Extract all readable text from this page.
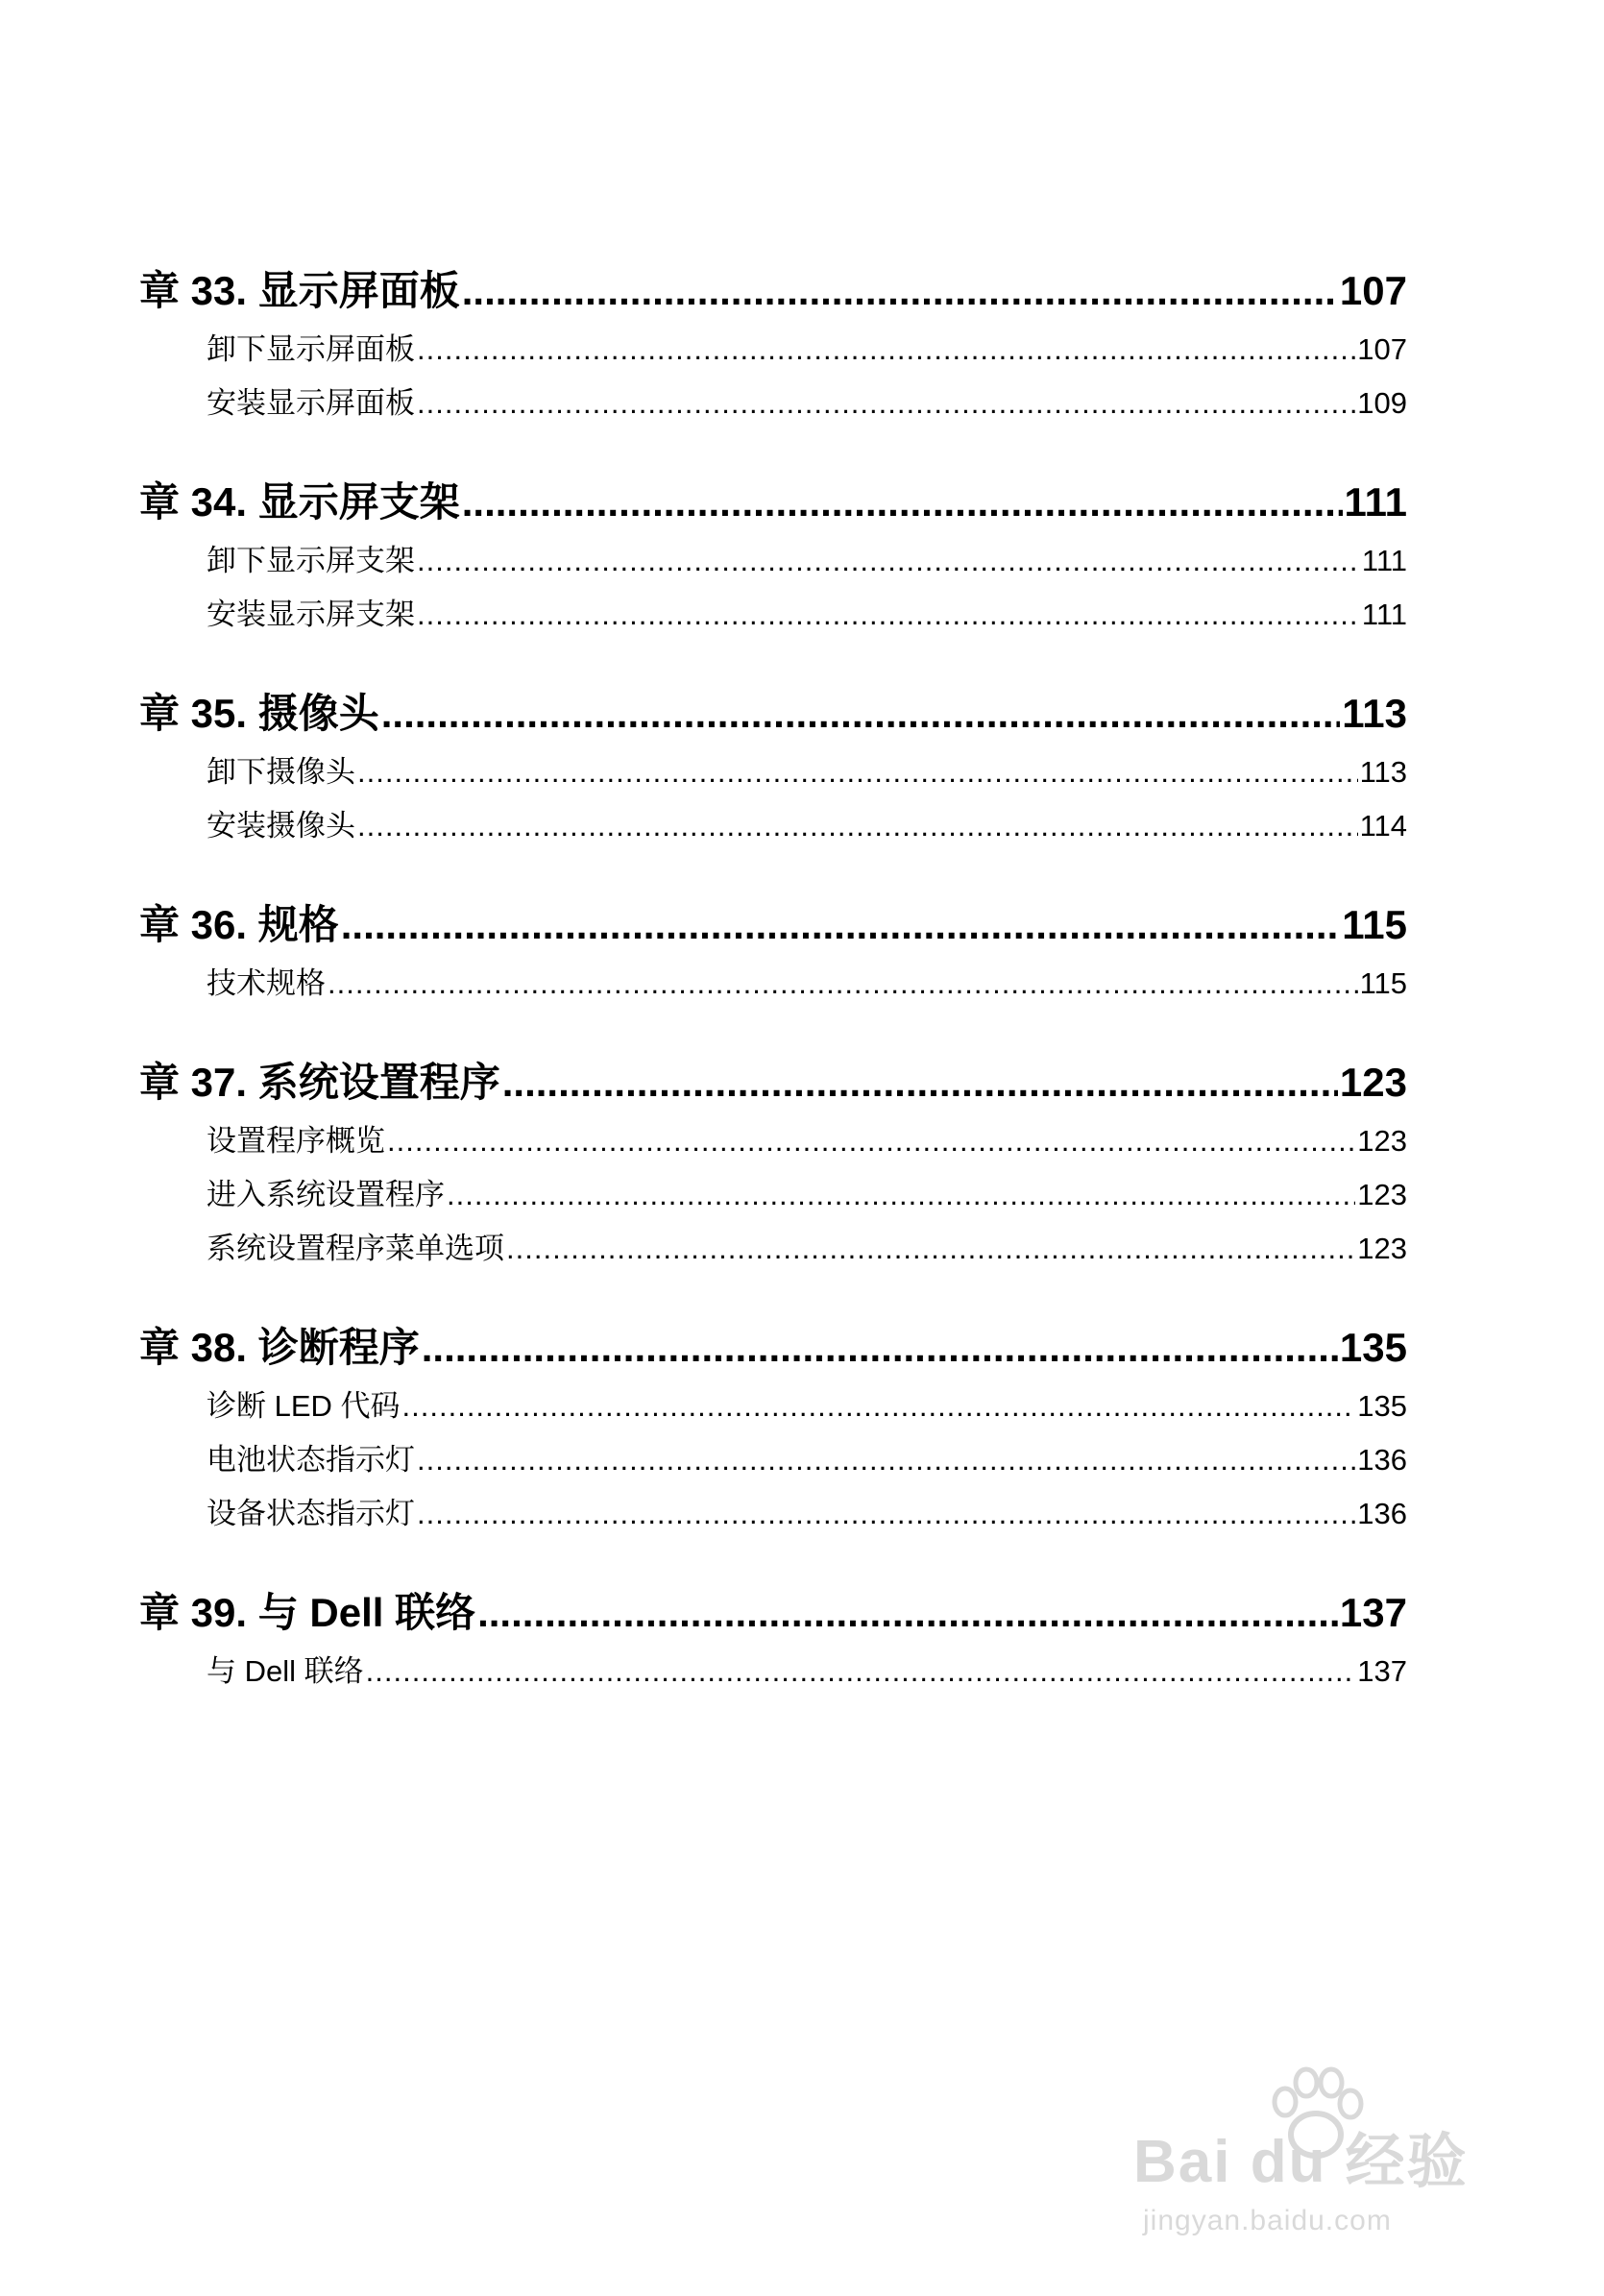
章 33. 显示屏面板 .....	107
卸下显示屏面板 .....	107
安装显示屏面板 .....	109
章 34. 显示屏支架 .....	111
卸下显示屏支架 .....	111
安装显示屏支架 .....	111
章 35. 摄像头 .....	113
卸下摄像头 .....	113
安装摄像头 .....	114
章 36. 规格 .....	115
技术规格 .....	115
章 37. 系统设置程序 .....	123
设置程序概览 .....	123
进入系统设置程序 .....	123
系统设置程序菜单选项 .....	123
章 38. 诊断程序 .....	135
诊断 LED 代码 .....	135
电池状态指示灯 .....	136
设备状态指示灯 .....	136
章 39. 与 Dell 联络 .....	137
与 Dell 联络 .....	137
Bai du 经验
jingyan.baidu.com
